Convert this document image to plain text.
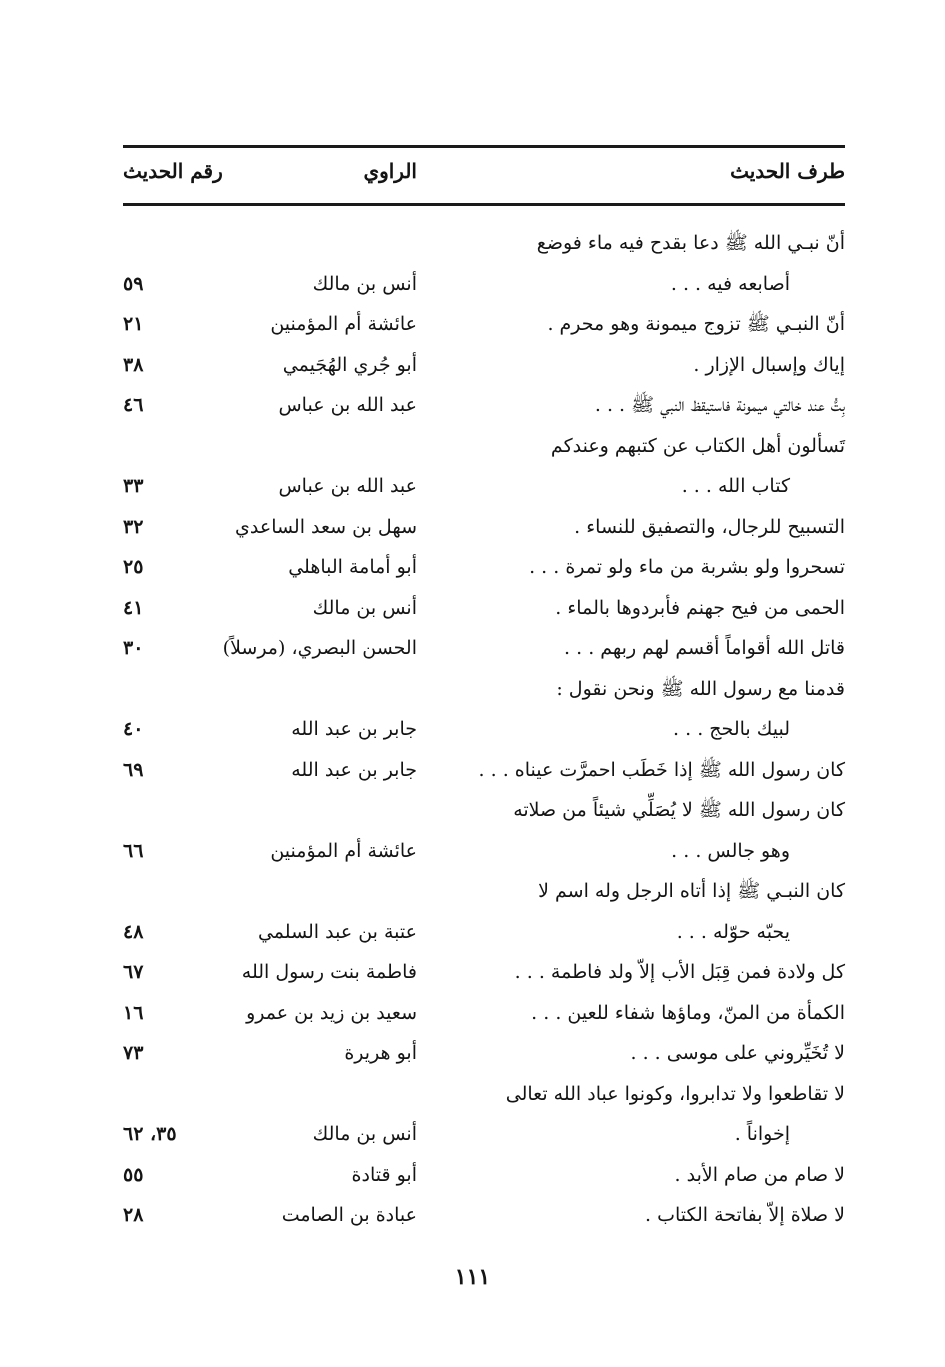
طرف الحديث
الراوي
رقم الحديث
أنّ نبـي الله ﷺ دعا بقدح فيه ماء فوضع
أصابعه فيه . . .
أنس بن مالك
٥٩
أنّ النبـي ﷺ تزوج ميمونة وهو محرم .
عائشة أم المؤمنين
٢١
إياك وإسبال الإزار .
أبو جُري الهُجَيمي
٣٨
بِتُّ عند خالتي ميمونة فاستيقظ النبي ﷺ . . .
عبد الله بن عباس
٤٦
تَسألون أهل الكتاب عن كتبهم وعندكم
كتاب الله . . .
عبد الله بن عباس
٣٣
التسبيح للرجال، والتصفيق للنساء .
سهل بن سعد الساعدي
٣٢
تسحروا ولو بشربة من ماء ولو تمرة . . .
أبو أمامة الباهلي
٢٥
الحمى من فيح جهنم فأبردوها بالماء .
أنس بن مالك
٤١
قاتل الله أقواماً أقسم لهم ربهم . . .
الحسن البصري، (مرسلاً)
٣٠
قدمنا مع رسول الله ﷺ ونحن نقول :
لبيك بالحج . . .
جابر بن عبد الله
٤٠
كان رسول الله ﷺ إذا خَطَب احمرَّت عيناه . . .
جابر بن عبد الله
٦٩
كان رسول الله ﷺ لا يُصَلِّي شيئاً من صلاته
وهو جالس . . .
عائشة أم المؤمنين
٦٦
كان النبـي ﷺ إذا أتاه الرجل وله اسم لا
يحبّه حوّله . . .
عتبة بن عبد السلمي
٤٨
كل ولادة فمن قِبَل الأب إلاّ ولد فاطمة . . .
فاطمة بنت رسول الله
٦٧
الكمأة من المنّ، وماؤها شفاء للعين . . .
سعيد بن زيد بن عمرو
١٦
لا تُخَيِّروني على موسى . . .
أبو هريرة
٧٣
لا تقاطعوا ولا تدابروا، وكونوا عباد الله تعالى
إخواناً .
أنس بن مالك
٣٥، ٦٢
لا صام من صام الأبد .
أبو قتادة
٥٥
لا صلاة إلاّ بفاتحة الكتاب .
عبادة بن الصامت
٢٨
١١١
